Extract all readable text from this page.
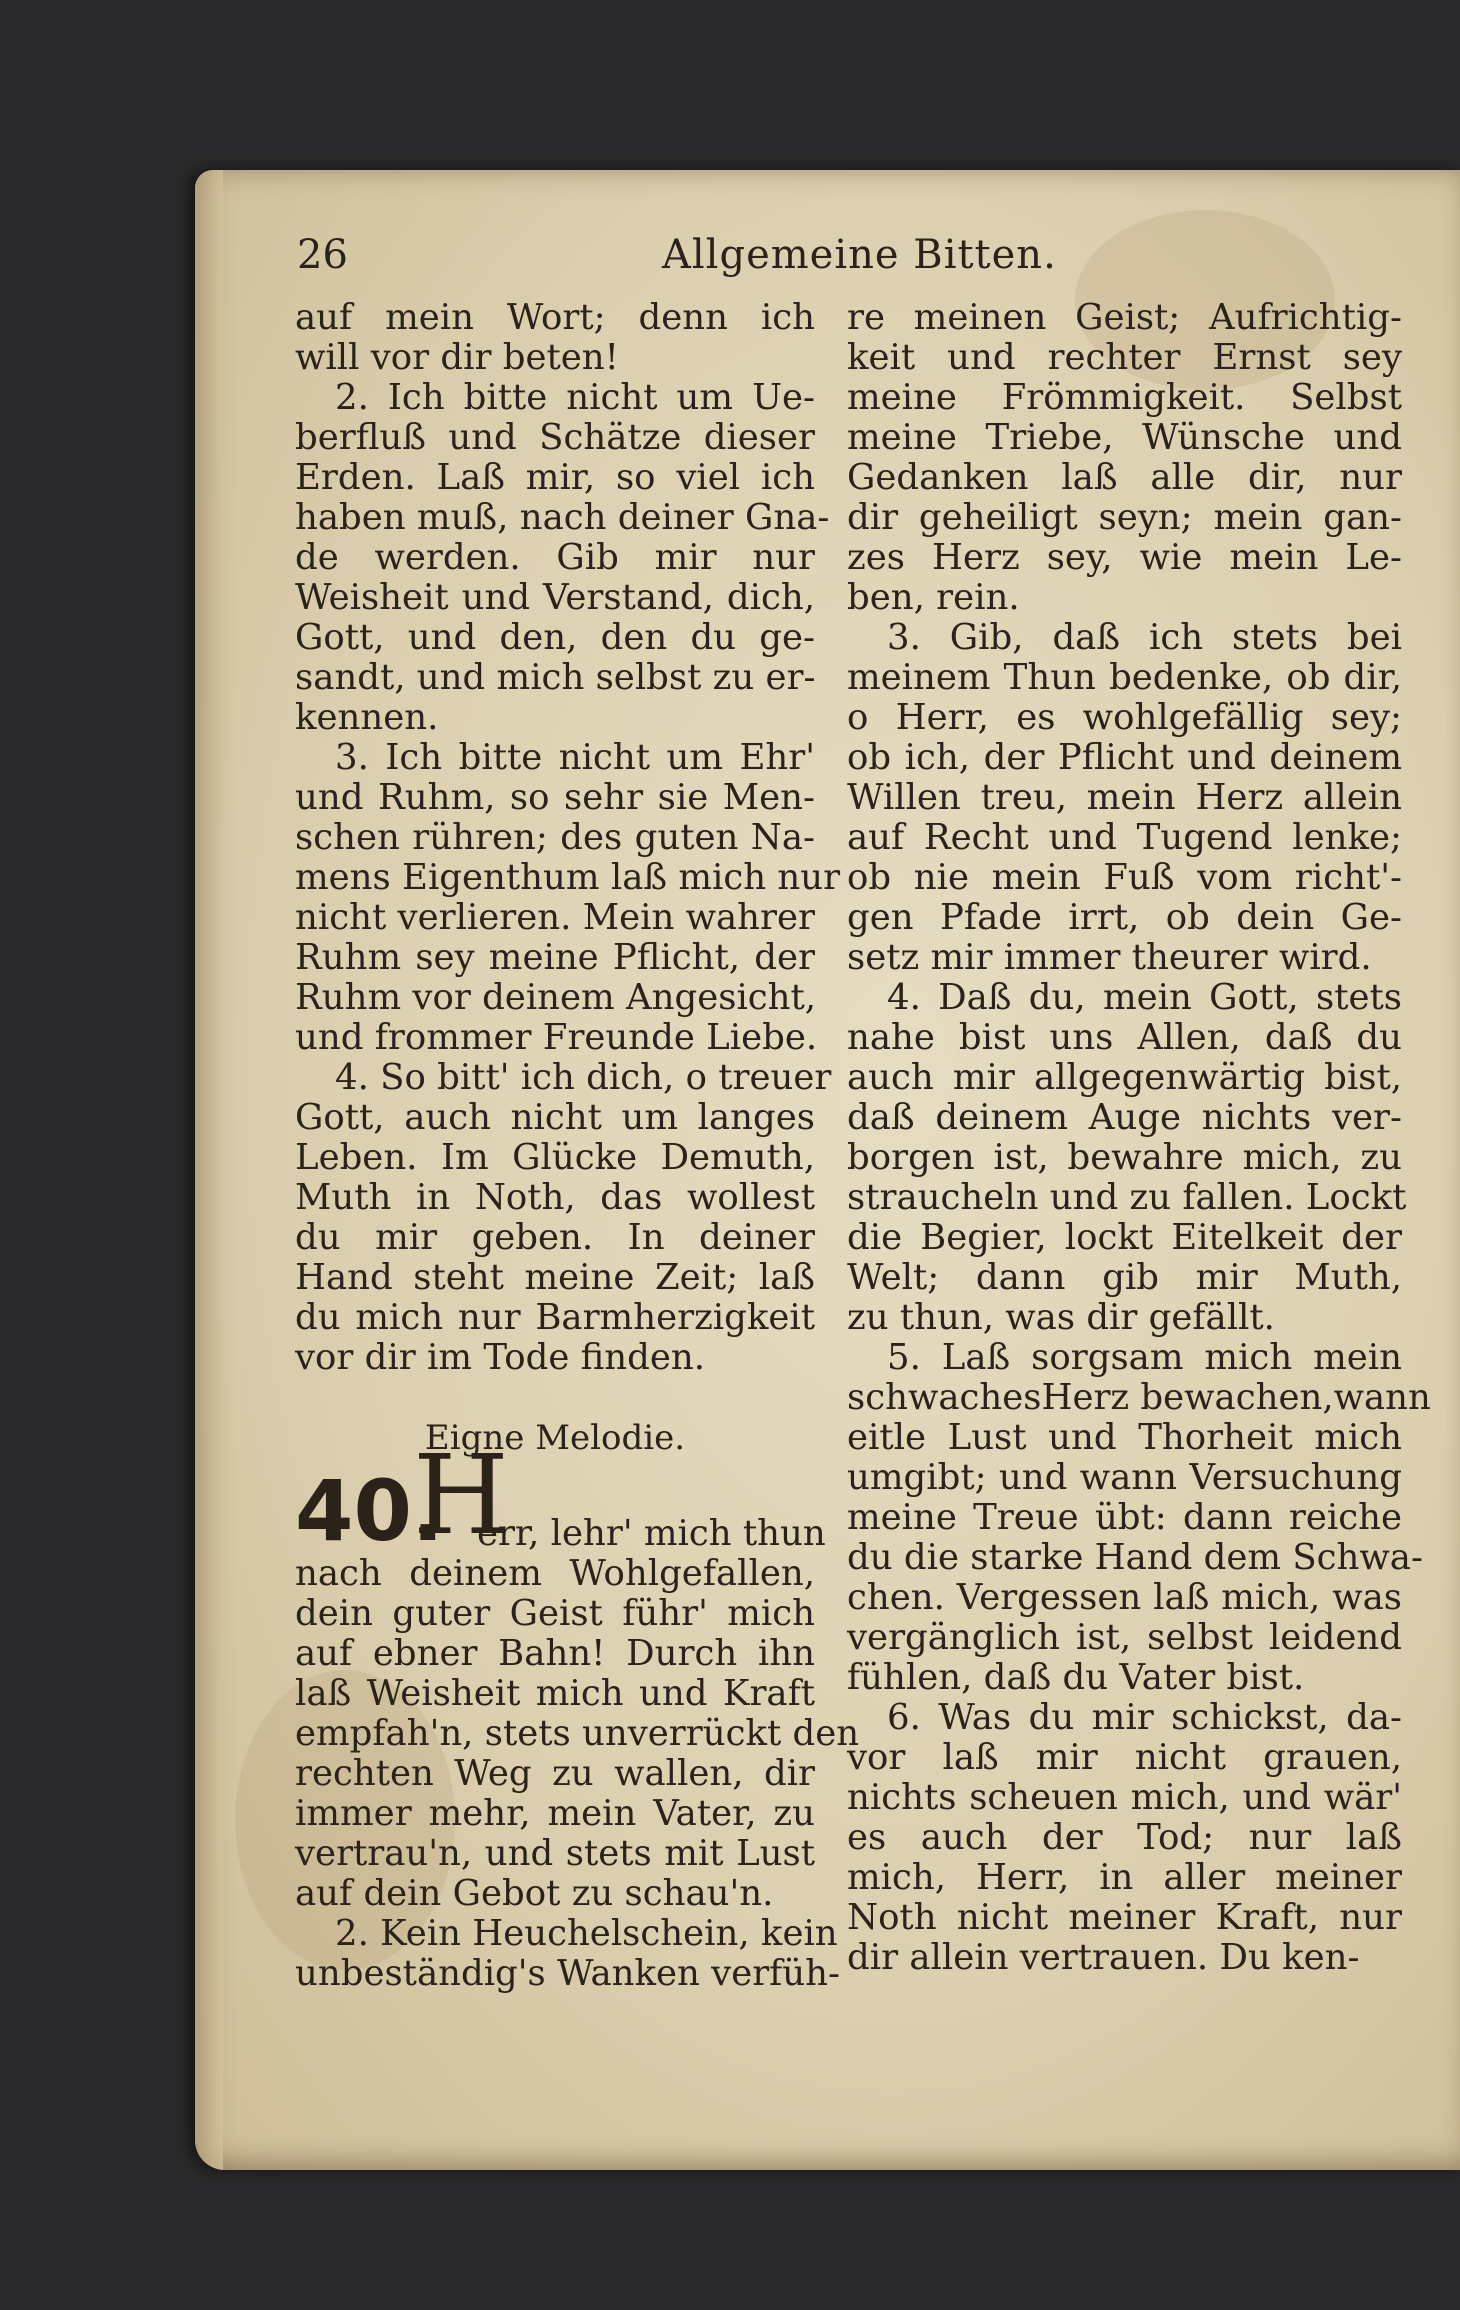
26	Allgemeine Bitten.
auf mein Wort; denn ich
will vor dir beten!
2. Ich bitte nicht um Ue-
berfluß und Schätze dieser
Erden. Laß mir, so viel ich
haben muß, nach deiner Gna-
de werden. Gib mir nur
Weisheit und Verstand, dich,
Gott, und den, den du ge-
sandt, und mich selbst zu er-
kennen.
3. Ich bitte nicht um Ehr'
und Ruhm, so sehr sie Men-
schen rühren; des guten Na-
mens Eigenthum laß mich nur
nicht verlieren. Mein wahrer
Ruhm sey meine Pflicht, der
Ruhm vor deinem Angesicht,
und frommer Freunde Liebe.
4. So bitt' ich dich, o treuer
Gott, auch nicht um langes
Leben. Im Glücke Demuth,
Muth in Noth, das wollest
du mir geben. In deiner
Hand steht meine Zeit; laß
du mich nur Barmherzigkeit
vor dir im Tode finden.
Eigne Melodie.
40.
H
err, lehr' mich thun
nach deinem Wohlgefallen,
dein guter Geist führ' mich
auf ebner Bahn! Durch ihn
laß Weisheit mich und Kraft
empfah'n, stets unverrückt den
rechten Weg zu wallen, dir
immer mehr, mein Vater, zu
vertrau'n, und stets mit Lust
auf dein Gebot zu schau'n.
2. Kein Heuchelschein, kein
unbeständig's Wanken verfüh-
re meinen Geist; Aufrichtig-
keit und rechter Ernst sey
meine Frömmigkeit. Selbst
meine Triebe, Wünsche und
Gedanken laß alle dir, nur
dir geheiligt seyn; mein gan-
zes Herz sey, wie mein Le-
ben, rein.
3. Gib, daß ich stets bei
meinem Thun bedenke, ob dir,
o Herr, es wohlgefällig sey;
ob ich, der Pflicht und deinem
Willen treu, mein Herz allein
auf Recht und Tugend lenke;
ob nie mein Fuß vom richt'-
gen Pfade irrt, ob dein Ge-
setz mir immer theurer wird.
4. Daß du, mein Gott, stets
nahe bist uns Allen, daß du
auch mir allgegenwärtig bist,
daß deinem Auge nichts ver-
borgen ist, bewahre mich, zu
straucheln und zu fallen. Lockt
die Begier, lockt Eitelkeit der
Welt; dann gib mir Muth,
zu thun, was dir gefällt.
5. Laß sorgsam mich mein
schwachesHerz bewachen,wann
eitle Lust und Thorheit mich
umgibt; und wann Versuchung
meine Treue übt: dann reiche
du die starke Hand dem Schwa-
chen. Vergessen laß mich, was
vergänglich ist, selbst leidend
fühlen, daß du Vater bist.
6. Was du mir schickst, da-
vor laß mir nicht grauen,
nichts scheuen mich, und wär'
es auch der Tod; nur laß
mich, Herr, in aller meiner
Noth nicht meiner Kraft, nur
dir allein vertrauen. Du ken-
